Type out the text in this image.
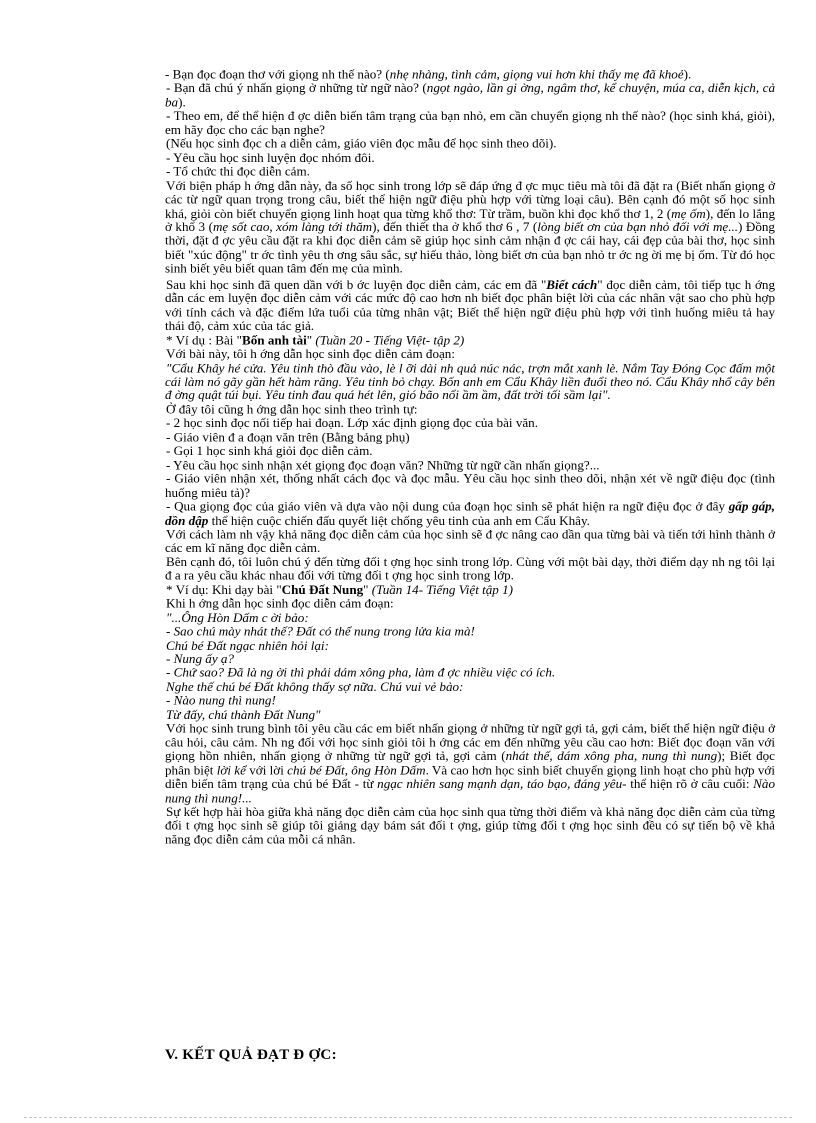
- Bạn đọc đoạn thơ với giọng nh thế nào? (nhẹ nhàng, tình cảm, giọng vui hơn khi thấy mẹ đã khoẻ).

- Bạn đã chú ý nhấn giọng ở những từ ngữ nào? (ngọt ngào, lần gi ờng, ngâm thơ, kể chuyện, múa ca, diễn kịch, cả ba).

- Theo em, để thể hiện đ ợc diễn biến tâm trạng của bạn nhỏ, em cần chuyển giọng nh thế nào? (học sinh khá, giỏi), em hãy đọc cho các bạn nghe?

(Nếu học sinh đọc ch a diễn cảm, giáo viên đọc mẫu để học sinh theo dõi).

- Yêu cầu học sinh luyện đọc nhóm đôi.

- Tổ chức thi đọc diễn cảm.

Với biện pháp h ớng dẫn này, đa số học sinh trong lớp sẽ đáp ứng đ ợc mục tiêu mà tôi đã đặt ra (Biết nhấn giọng ở các từ ngữ quan trọng trong câu, biết thể hiện ngữ điệu phù hợp với từng loại câu). Bên cạnh đó một số học sinh khá, giỏi còn biết chuyển giọng linh hoạt qua từng khổ thơ: Từ trầm, buồn khi đọc khổ thơ 1, 2 (mẹ ốm), đến lo lắng ở khổ 3 (mẹ sốt cao, xóm làng tới thăm), đến thiết tha ở khổ thơ 6 , 7 (lòng biết ơn của bạn nhỏ đối với mẹ...) Đồng thời, đặt đ ợc yêu cầu đặt ra khi đọc diễn cảm sẽ giúp học sinh cảm nhận đ ợc cái hay, cái đẹp của bài thơ, học sinh biết "xúc động" tr ớc tình yêu th ơng sâu sắc, sự hiếu thảo, lòng biết ơn của bạn nhỏ tr ớc ng ời mẹ bị ốm. Từ đó học sinh biết yêu biết quan tâm đến mẹ của mình.

Sau khi học sinh đã quen dần với b ớc luyện đọc diễn cảm, các em đã "Biết cách" đọc diễn cảm, tôi tiếp tục h ớng dẫn các em luyện đọc diễn cảm với các mức độ cao hơn nh biết đọc phân biệt lời của các nhân vật sao cho phù hợp với tính cách và đặc điểm lứa tuổi của từng nhân vật; Biết thể hiện ngữ điệu phù hợp với tình huống miêu tả hay thái độ, cảm xúc của tác giả.

* Ví dụ : Bài "Bốn anh tài" (Tuần 20 - Tiếng Việt- tập 2)

Với bài này, tôi h ớng dẫn học sinh đọc diễn cảm đoạn:

"Cẩu Khây hé cửa. Yêu tinh thò đầu vào, lè l ỡi dài nh quả núc nác, trợn mắt xanh lè. Nắm Tay Đóng Cọc đấm một cái làm nó gãy gần hết hàm răng. Yêu tinh bỏ chạy. Bốn anh em Cẩu Khây liền đuổi theo nó. Cẩu Khây nhổ cây bên đ ờng quật túi bụi. Yêu tinh đau quá hét lên, gió bão nổi ầm ầm, đất trời tối sầm lại".

Ở đây tôi cũng h ớng dẫn học sinh theo trình tự:

- 2 học sinh đọc nối tiếp hai đoạn. Lớp xác định giọng đọc của bài văn.

- Giáo viên đ a đoạn văn trên (Bằng bảng phụ)

- Gọi 1 học sinh khá giỏi đọc diễn cảm.

- Yêu cầu học sinh nhận xét giọng đọc đoạn văn? Những từ ngữ cần nhấn giọng?...

- Giáo viên nhận xét, thống nhất cách đọc và đọc mẫu. Yêu cầu học sinh theo dõi, nhận xét về ngữ điệu đọc (tình huống miêu tả)?

- Qua giọng đọc của giáo viên và dựa vào nội dung của đoạn học sinh sẽ phát hiện ra ngữ điệu đọc ở đây gấp gáp, dồn dập thể hiện cuộc chiến đấu quyết liệt chống yêu tinh của anh em Cẩu Khây.

Với cách làm nh vậy khả năng đọc diễn cảm của học sinh sẽ đ ợc nâng cao dần qua từng bài và tiến tới hình thành ở các em kĩ năng đọc diễn cảm.

Bên cạnh đó, tôi luôn chú ý đến từng đối t ợng học sinh trong lớp. Cùng với một bài dạy, thời điểm dạy nh ng tôi lại đ a ra yêu cầu khác nhau đối với từng đối t ợng học sinh trong lớp.

* Ví dụ: Khi dạy bài "Chú Đất Nung" (Tuần 14- Tiếng Việt tập 1)

Khi h ớng dẫn học sinh đọc diễn cảm đoạn:

"...Ông Hòn Dấm c ời bảo:

- Sao chú mày nhát thế? Đất có thể nung trong lửa kia mà!

Chú bé Đất ngạc nhiên hỏi lại:

- Nung ấy ạ?

- Chứ sao? Đã là ng ời thì phải dám xông pha, làm đ ợc nhiều việc có ích.

Nghe thế chú bé Đất không thấy sợ nữa. Chú vui vẻ bảo:

- Nào nung thì nung!

Từ đấy, chú thành Đất Nung"

Với học sinh trung bình tôi yêu cầu các em biết nhấn giọng ở những từ ngữ gợi tả, gợi cảm, biết thể hiện ngữ điệu ở câu hỏi, câu cảm. Nh ng đối với học sinh giỏi tôi h ớng các em đến những yêu cầu cao hơn: Biết đọc đoạn văn với giọng hồn nhiên, nhấn giọng ở những từ ngữ gợi tả, gợi cảm (nhát thế, dám xông pha, nung thì nung); Biết đọc phân biệt lời kể với lời chú bé Đất, ông Hòn Dấm. Và cao hơn học sinh biết chuyển giọng linh hoạt cho phù hợp với diễn biến tâm trạng của chú bé Đất - từ ngạc nhiên sang mạnh dạn, táo bạo, đáng yêu- thể hiện rõ ở câu cuối: Nào nung thì nung!...

Sự kết hợp hài hòa giữa khả năng đọc diễn cảm của học sinh qua từng thời điểm và khả năng đọc diễn cảm của từng đối t ợng học sinh sẽ giúp tôi giảng dạy bám sát đối t ợng, giúp từng đối t ợng học sinh đều có sự tiến bộ về khả năng đọc diễn cảm của mỗi cá nhân.

V. KẾT QUẢ ĐẠT Đ ỢC:
